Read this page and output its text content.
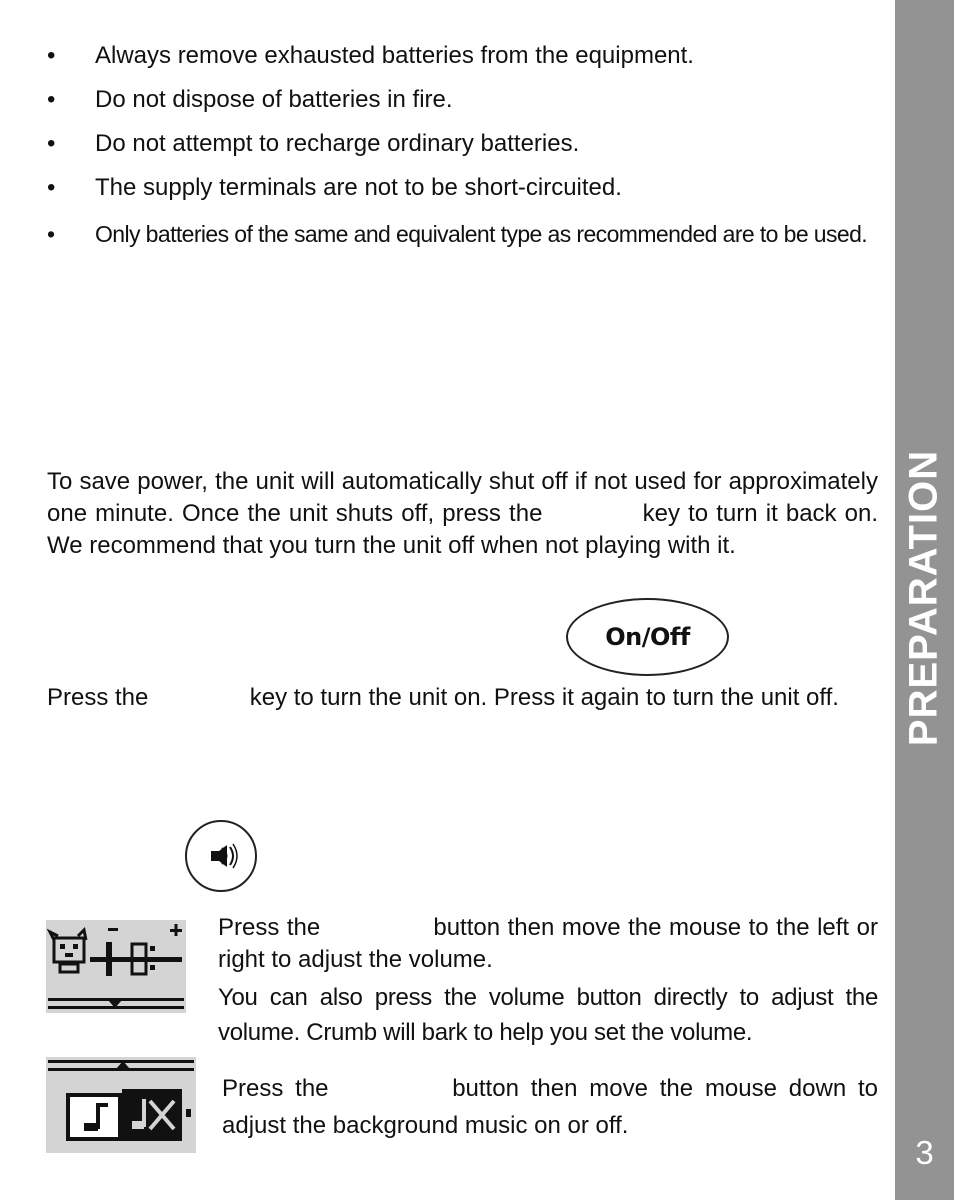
PREPARATION
3
• Always remove exhausted batteries from the equipment.
• Do not dispose of batteries in fire.
• Do not attempt to recharge ordinary batteries.
• The supply terminals are not to be short-circuited.
• Only batteries of the same and equivalent type as recommended are to be used.
To save power, the unit will automatically shut off if not used for approximately one minute. Once the unit shuts off, press the	key to turn it back on. We recommend that you turn the unit off when not playing with it.
On/Off
Press the	key to turn the unit on. Press it again to turn the unit off.
Press the	button then move the mouse to the left or right to adjust the volume.
You can also press the volume button directly to adjust the volume. Crumb will bark to help you set the volume.
Press the	button then move the mouse down to adjust the background music on or off.
